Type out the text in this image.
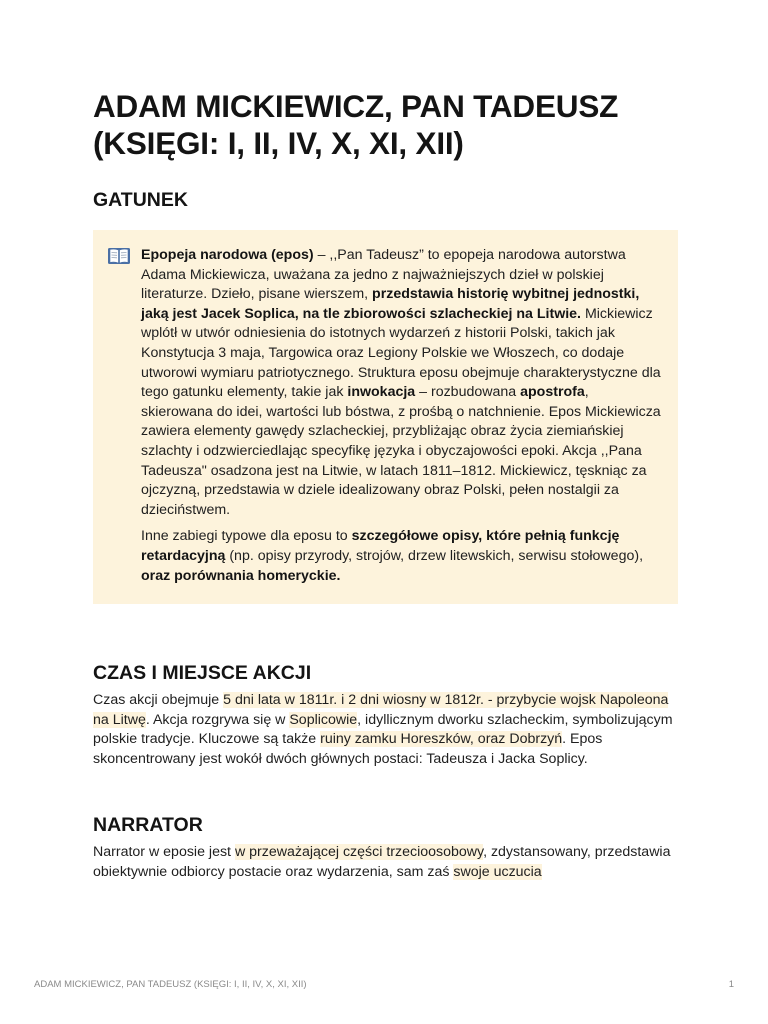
ADAM MICKIEWICZ, PAN TADEUSZ (KSIĘGI: I, II, IV, X, XI, XII)
GATUNEK

Epopeja narodowa (epos) – ,,Pan Tadeusz” to epopeja narodowa autorstwa Adama Mickiewicza, uważana za jedno z najważniejszych dzieł w polskiej literaturze. Dzieło, pisane wierszem, przedstawia historię wybitnej jednostki, jaką jest Jacek Soplica, na tle zbiorowości szlacheckiej na Litwie. Mickiewicz wplótł w utwór odniesienia do istotnych wydarzeń z historii Polski, takich jak Konstytucja 3 maja, Targowica oraz Legiony Polskie we Włoszech, co dodaje utworowi wymiaru patriotycznego. Struktura eposu obejmuje charakterystyczne dla tego gatunku elementy, takie jak inwokacja – rozbudowana apostrofa, skierowana do idei, wartości lub bóstwa, z prośbą o natchnienie. Epos Mickiewicza zawiera elementy gawędy szlacheckiej, przybliżając obraz życia ziemiańskiej szlachty i odzwierciedlając specyfikę języka i obyczajowości epoki. Akcja ,,Pana Tadeusza" osadzona jest na Litwie, w latach 1811–1812. Mickiewicz, tęskniąc za ojczyzną, przedstawia w dziele idealizowany obraz Polski, pełen nostalgii za dzieciństwem.

Inne zabiegi typowe dla eposu to szczegółowe opisy, które pełnią funkcję retardacyjną (np. opisy przyrody, strojów, drzew litewskich, serwisu stołowego), oraz porównania homeryckie.

CZAS I MIEJSCE AKCJI

Czas akcji obejmuje 5 dni lata w 1811r. i 2 dni wiosny w 1812r. - przybycie wojsk Napoleona na Litwę. Akcja rozgrywa się w Soplicowie, idyllicznym dworku szlacheckim, symbolizującym polskie tradycje. Kluczowe są także ruiny zamku Horeszków, oraz Dobrzyń. Epos skoncentrowany jest wokół dwóch głównych postaci: Tadeusza i Jacka Soplicy.

NARRATOR

Narrator w eposie jest w przeważającej części trzecioosobowy, zdystansowany, przedstawia obiektywnie odbiorcy postacie oraz wydarzenia, sam zaś swoje uczucia

ADAM MICKIEWICZ, PAN TADEUSZ (KSIĘGI: I, II, IV, X, XI, XII)	1
